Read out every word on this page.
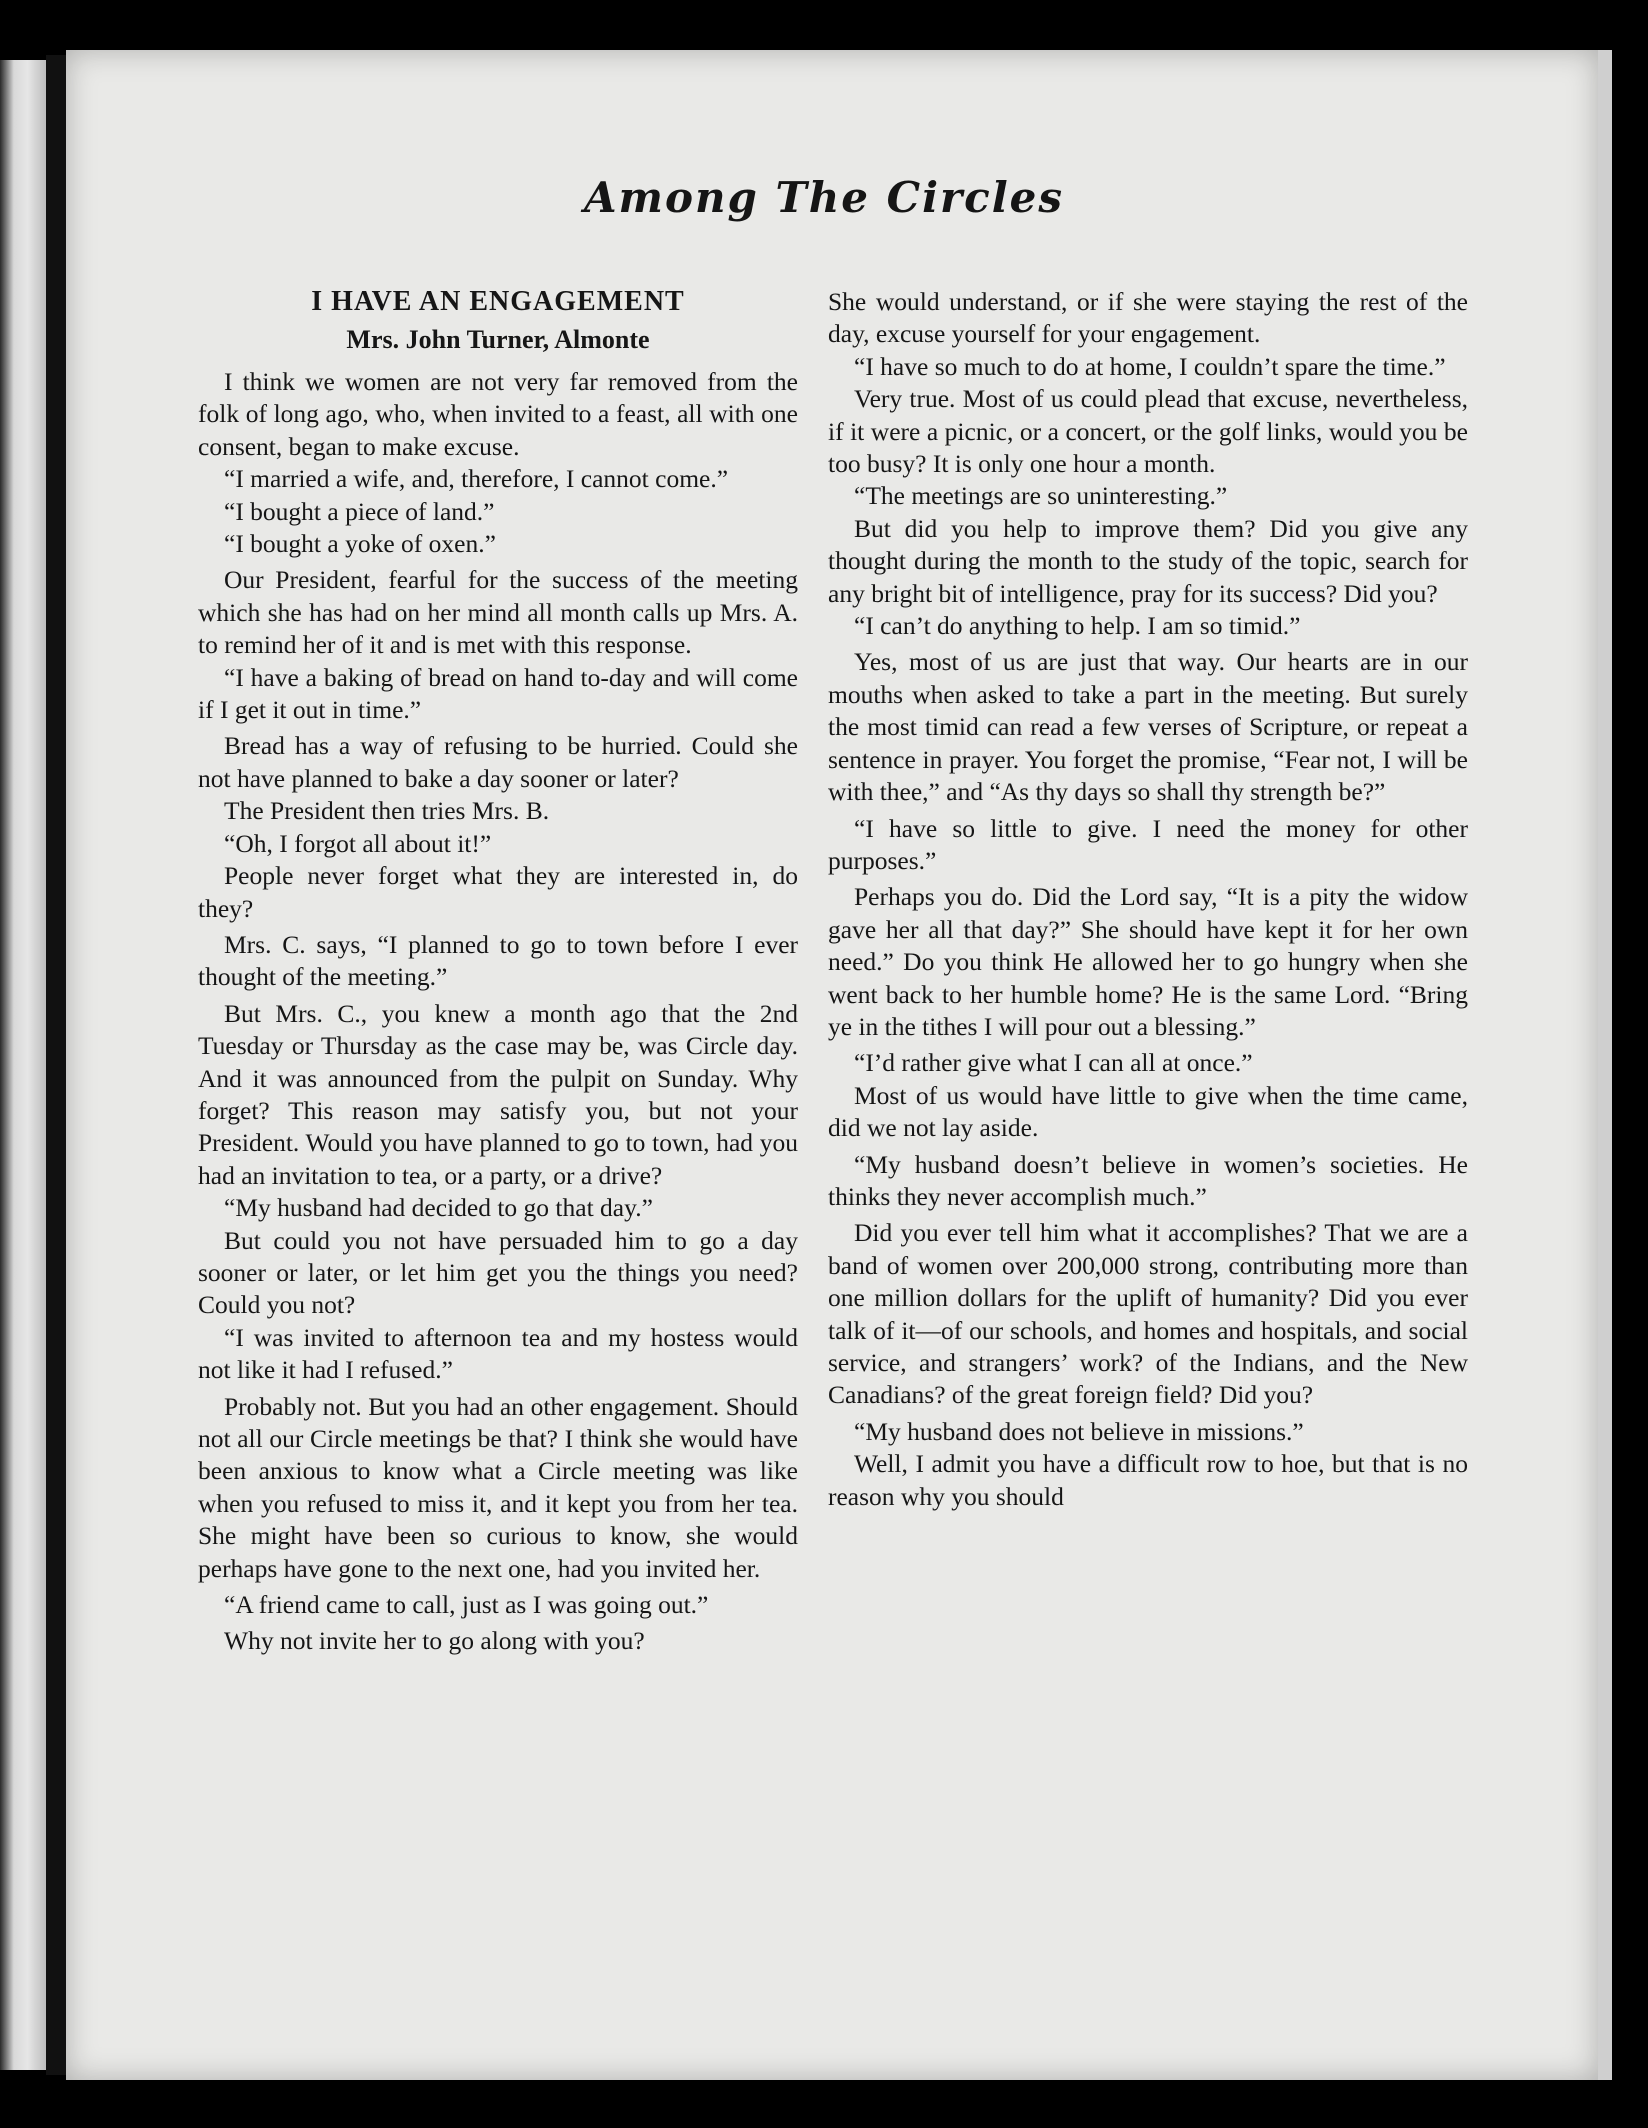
Among The Circles
I HAVE AN ENGAGEMENT
Mrs. John Turner, Almonte

I think we women are not very far removed from the folk of long ago, who, when invited to a feast, all with one consent, began to make excuse.

“I married a wife, and, therefore, I cannot come.”

“I bought a piece of land.”

“I bought a yoke of oxen.”

Our President, fearful for the success of the meeting which she has had on her mind all month calls up Mrs. A. to remind her of it and is met with this response.

“I have a baking of bread on hand to-day and will come if I get it out in time.”

Bread has a way of refusing to be hurried. Could she not have planned to bake a day sooner or later?

The President then tries Mrs. B.

“Oh, I forgot all about it!”

People never forget what they are interested in, do they?

Mrs. C. says, “I planned to go to town before I ever thought of the meeting.”

But Mrs. C., you knew a month ago that the 2nd Tuesday or Thursday as the case may be, was Circle day. And it was announced from the pulpit on Sunday. Why forget? This reason may satisfy you, but not your President. Would you have planned to go to town, had you had an invitation to tea, or a party, or a drive?

“My husband had decided to go that day.”

But could you not have persuaded him to go a day sooner or later, or let him get you the things you need? Could you not?

“I was invited to afternoon tea and my hostess would not like it had I refused.”

Probably not. But you had an other engagement. Should not all our Circle meetings be that? I think she would have been anxious to know what a Circle meeting was like when you refused to miss it, and it kept you from her tea. She might have been so curious to know, she would perhaps have gone to the next one, had you invited her.

“A friend came to call, just as I was going out.”

Why not invite her to go along with you?

She would understand, or if she were staying the rest of the day, excuse yourself for your engagement.

“I have so much to do at home, I couldn’t spare the time.”

Very true. Most of us could plead that excuse, nevertheless, if it were a picnic, or a concert, or the golf links, would you be too busy? It is only one hour a month.

“The meetings are so uninteresting.”

But did you help to improve them? Did you give any thought during the month to the study of the topic, search for any bright bit of intelligence, pray for its success? Did you?

“I can’t do anything to help. I am so timid.”

Yes, most of us are just that way. Our hearts are in our mouths when asked to take a part in the meeting. But surely the most timid can read a few verses of Scripture, or repeat a sentence in prayer. You forget the promise, “Fear not, I will be with thee,” and “As thy days so shall thy strength be?”

“I have so little to give. I need the money for other purposes.”

Perhaps you do. Did the Lord say, “It is a pity the widow gave her all that day?” She should have kept it for her own need.” Do you think He allowed her to go hungry when she went back to her humble home? He is the same Lord. “Bring ye in the tithes I will pour out a blessing.”

“I’d rather give what I can all at once.”

Most of us would have little to give when the time came, did we not lay aside.

“My husband doesn’t believe in women’s societies. He thinks they never accomplish much.”

Did you ever tell him what it accomplishes? That we are a band of women over 200,000 strong, contributing more than one million dollars for the uplift of humanity? Did you ever talk of it—of our schools, and homes and hospitals, and social service, and strangers’ work? of the Indians, and the New Canadians? of the great foreign field? Did you?

“My husband does not believe in missions.”

Well, I admit you have a difficult row to hoe, but that is no reason why you should
